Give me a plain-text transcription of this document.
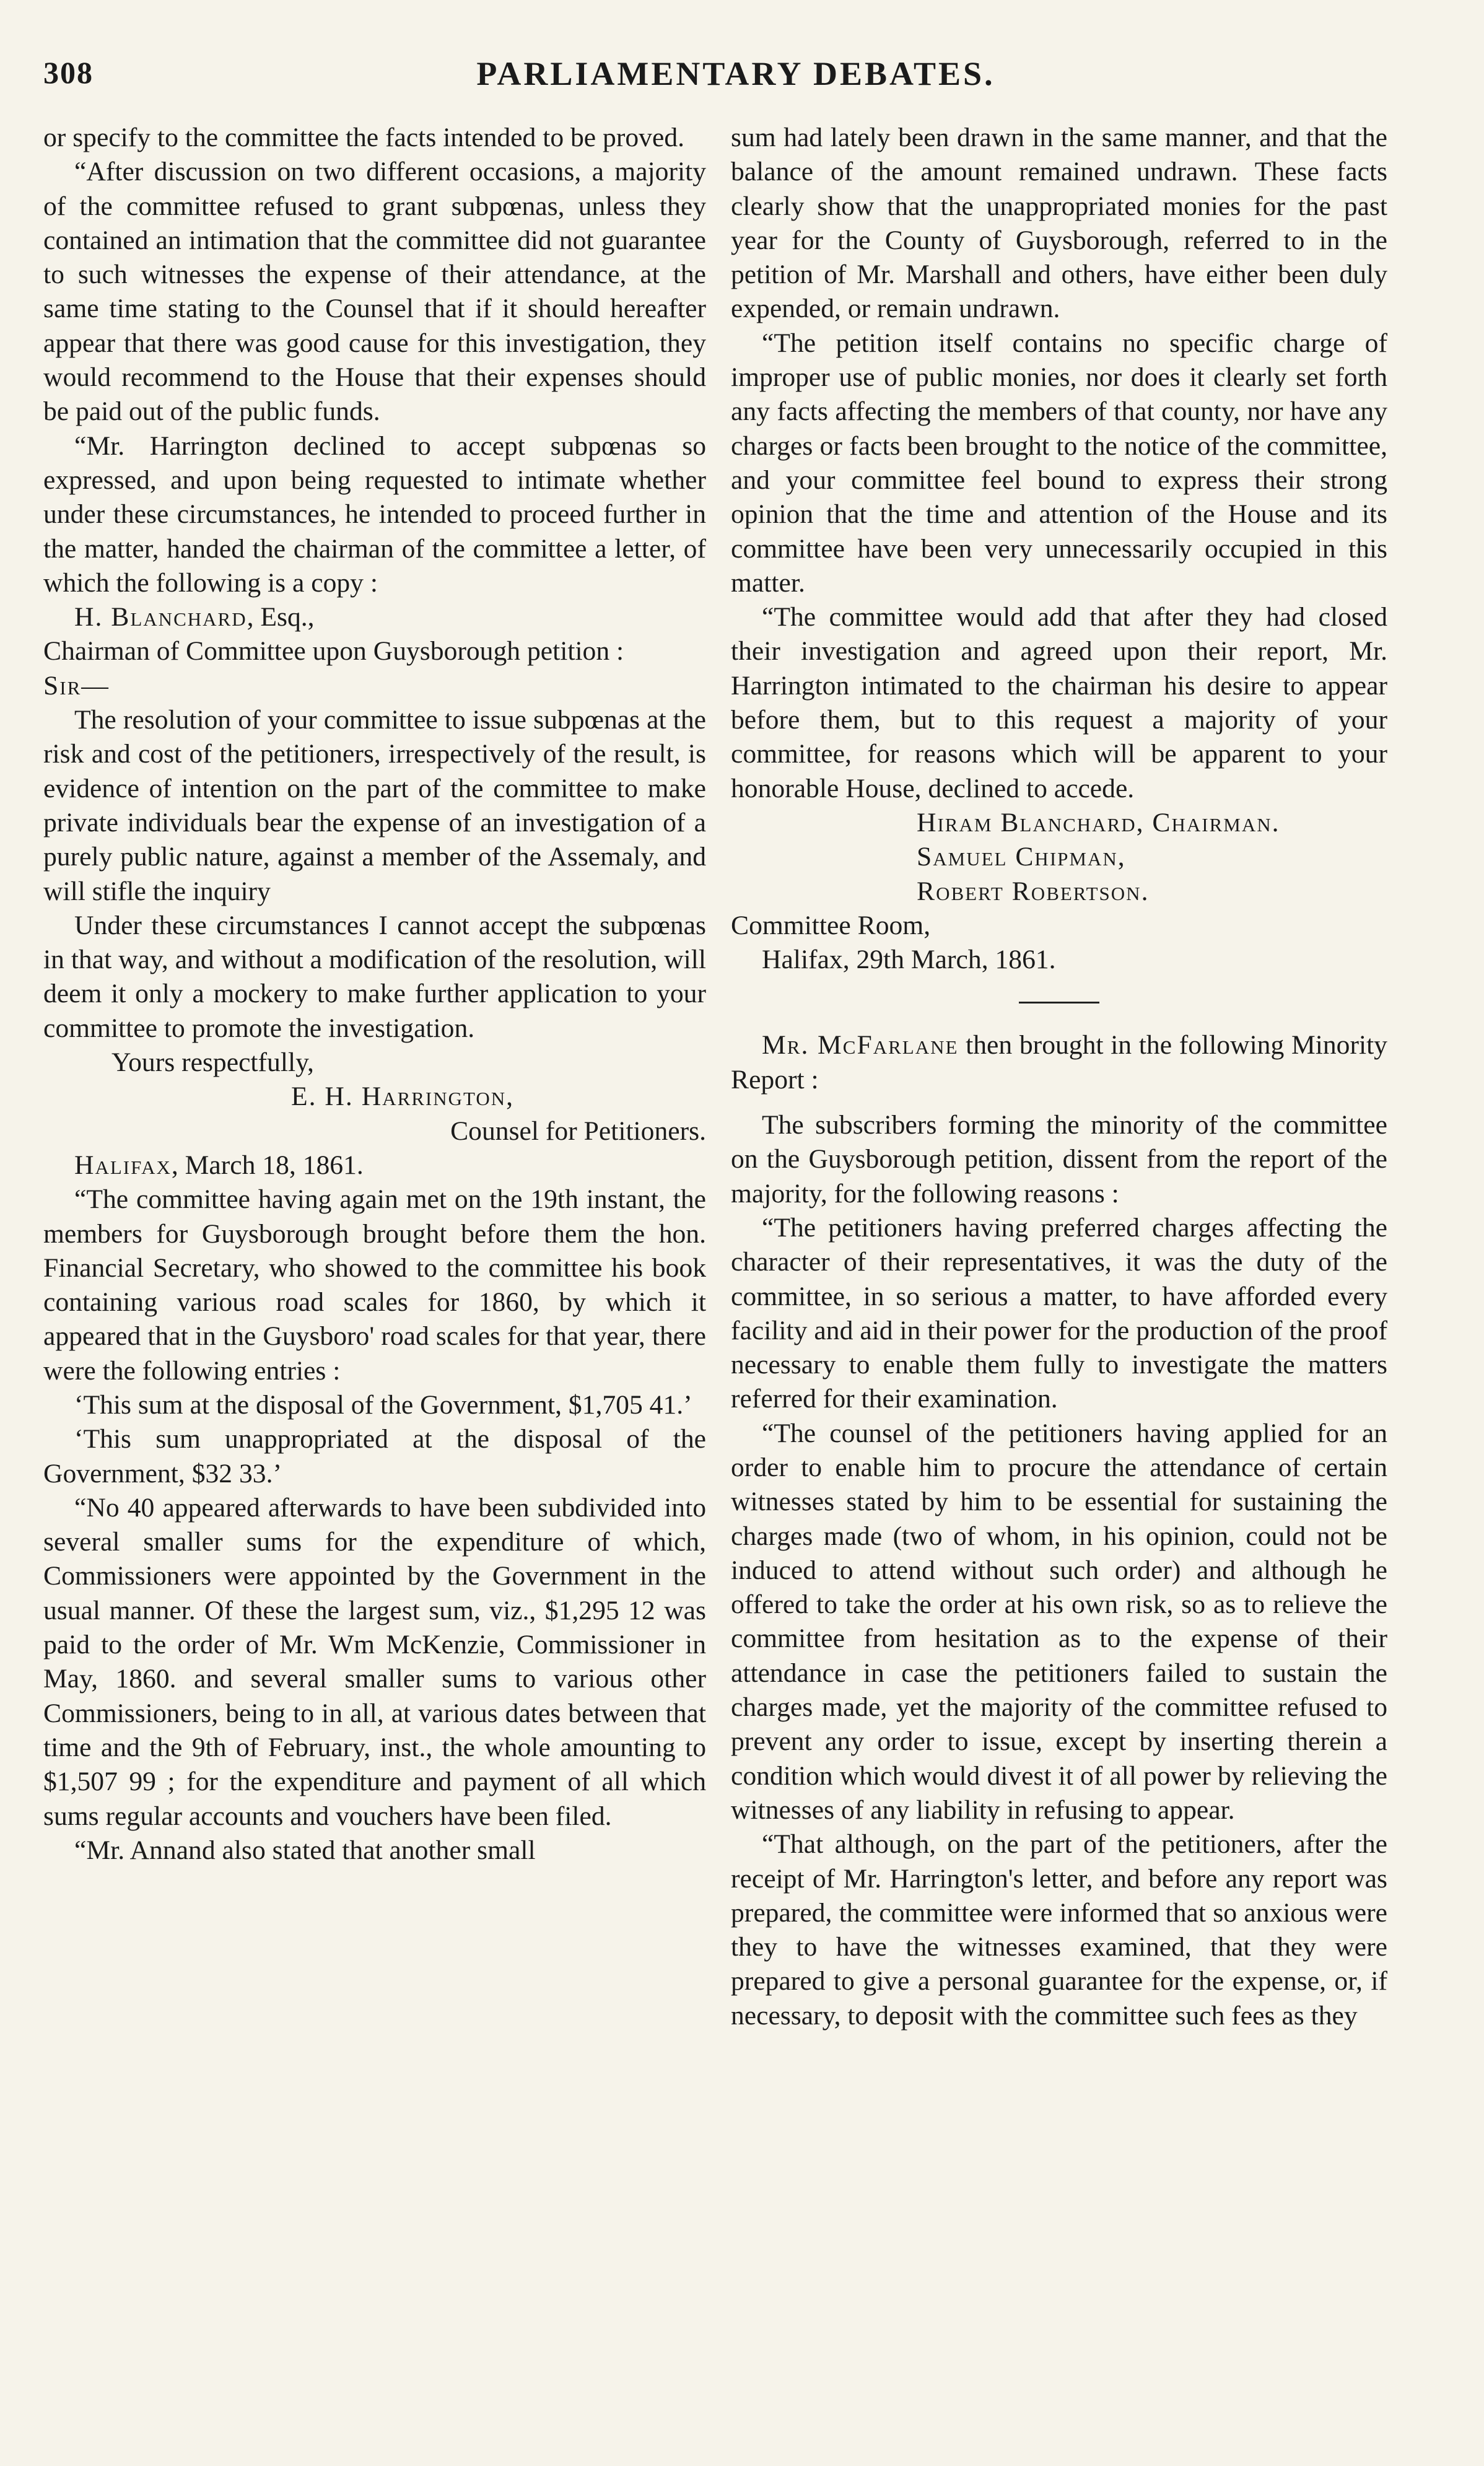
308	PARLIAMENTARY DEBATES.

or specify to the committee the facts intended to be proved.

“After discussion on two different occasions, a majority of the committee refused to grant subpœnas, unless they contained an intimation that the committee did not guarantee to such witnesses the expense of their attendance, at the same time stating to the Counsel that if it should hereafter appear that there was good cause for this investigation, they would recommend to the House that their expenses should be paid out of the public funds.

“Mr. Harrington declined to accept subpœnas so expressed, and upon being requested to intimate whether under these circumstances, he intended to proceed further in the matter, handed the chairman of the committee a letter, of which the following is a copy :

H. Blanchard, Esq.,

Chairman of Committee upon Guysborough petition :

Sir—

The resolution of your committee to issue subpœnas at the risk and cost of the petitioners, irrespectively of the result, is evidence of intention on the part of the committee to make private individuals bear the expense of an investigation of a purely public nature, against a member of the Assemaly, and will stifle the inquiry

Under these circumstances I cannot accept the subpœnas in that way, and without a modification of the resolution, will deem it only a mockery to make further application to your committee to promote the investigation.

Yours respectfully,

E. H. Harrington,

Counsel for Petitioners.

Halifax, March 18, 1861.

“The committee having again met on the 19th instant, the members for Guysborough brought before them the hon. Financial Secretary, who showed to the committee his book containing various road scales for 1860, by which it appeared that in the Guysboro' road scales for that year, there were the following entries :

‘This sum at the disposal of the Government, $1,705 41.’

‘This sum unappropriated at the disposal of the Government, $32 33.’

“No 40 appeared afterwards to have been subdivided into several smaller sums for the expenditure of which, Commissioners were appointed by the Government in the usual manner. Of these the largest sum, viz., $1,295 12 was paid to the order of Mr. Wm McKenzie, Commissioner in May, 1860. and several smaller sums to various other Commissioners, being to in all, at various dates between that time and the 9th of February, inst., the whole amounting to $1,507 99 ; for the expenditure and payment of all which sums regular accounts and vouchers have been filed.

“Mr. Annand also stated that another small

sum had lately been drawn in the same manner, and that the balance of the amount remained undrawn. These facts clearly show that the unappropriated monies for the past year for the County of Guysborough, referred to in the petition of Mr. Marshall and others, have either been duly expended, or remain undrawn.

“The petition itself contains no specific charge of improper use of public monies, nor does it clearly set forth any facts affecting the members of that county, nor have any charges or facts been brought to the notice of the committee, and your committee feel bound to express their strong opinion that the time and attention of the House and its committee have been very unnecessarily occupied in this matter.

“The committee would add that after they had closed their investigation and agreed upon their report, Mr. Harrington intimated to the chairman his desire to appear before them, but to this request a majority of your committee, for reasons which will be apparent to your honorable House, declined to accede.

Hiram Blanchard, Chairman.

Samuel Chipman,

Robert Robertson.

Committee Room,

Halifax, 29th March, 1861.

Mr. McFarlane then brought in the following Minority Report :

The subscribers forming the minority of the committee on the Guysborough petition, dissent from the report of the majority, for the following reasons :

“The petitioners having preferred charges affecting the character of their representatives, it was the duty of the committee, in so serious a matter, to have afforded every facility and aid in their power for the production of the proof necessary to enable them fully to investigate the matters referred for their examination.

“The counsel of the petitioners having applied for an order to enable him to procure the attendance of certain witnesses stated by him to be essential for sustaining the charges made (two of whom, in his opinion, could not be induced to attend without such order) and although he offered to take the order at his own risk, so as to relieve the committee from hesitation as to the expense of their attendance in case the petitioners failed to sustain the charges made, yet the majority of the committee refused to prevent any order to issue, except by inserting therein a condition which would divest it of all power by relieving the witnesses of any liability in refusing to appear.

“That although, on the part of the petitioners, after the receipt of Mr. Harrington's letter, and before any report was prepared, the committee were informed that so anxious were they to have the witnesses examined, that they were prepared to give a personal guarantee for the expense, or, if necessary, to deposit with the committee such fees as they
